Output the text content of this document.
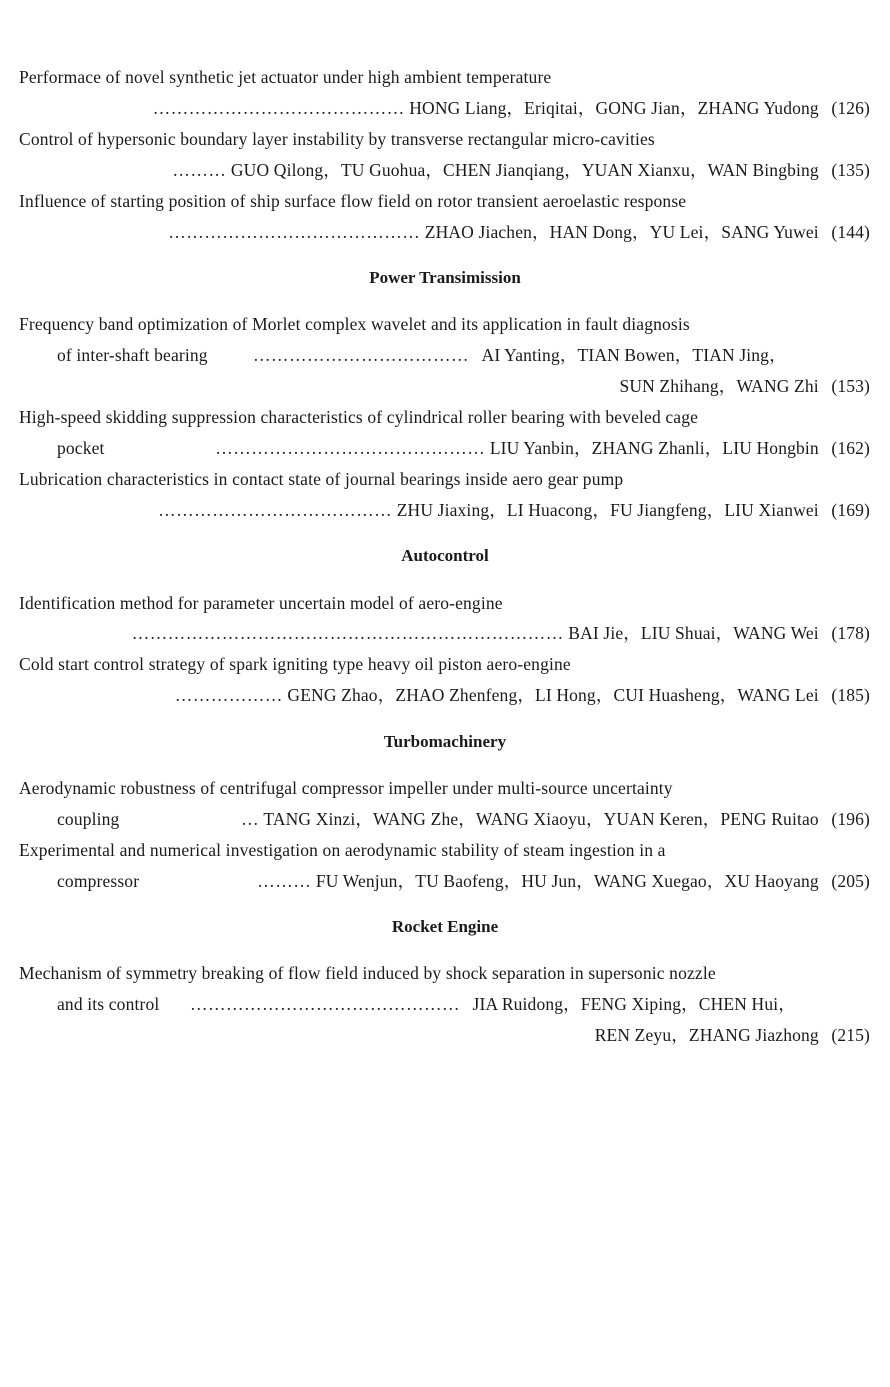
Performace of novel synthetic jet actuator under high ambient temperature
…………………………………… HONG Liang，Eriqitai，GONG Jian，ZHANG Yudong (126)
Control of hypersonic boundary layer instability by transverse rectangular micro-cavities
……… GUO Qilong，TU Guohua，CHEN Jianqiang，YUAN Xianxu，WAN Bingbing (135)
Influence of starting position of ship surface flow field on rotor transient aeroelastic response
…………………………………… ZHAO Jiachen，HAN Dong，YU Lei，SANG Yuwei (144)
Power Transimission
Frequency band optimization of Morlet complex wavelet and its application in fault diagnosis
of inter-shaft bearing	……………………………… AI Yanting，TIAN Bowen，TIAN Jing，
SUN Zhihang，WANG Zhi (153)
High-speed skidding suppression characteristics of cylindrical roller bearing with beveled cage
pocket	……………………………………… LIU Yanbin，ZHANG Zhanli，LIU Hongbin (162)
Lubrication characteristics in contact state of journal bearings inside aero gear pump
………………………………… ZHU Jiaxing，LI Huacong，FU Jiangfeng，LIU Xianwei (169)
Autocontrol
Identification method for parameter uncertain model of aero-engine
……………………………………………………………… BAI Jie，LIU Shuai，WANG Wei (178)
Cold start control strategy of spark igniting type heavy oil piston aero-engine
……………… GENG Zhao，ZHAO Zhenfeng，LI Hong，CUI Huasheng，WANG Lei (185)
Turbomachinery
Aerodynamic robustness of centrifugal compressor impeller under multi-source uncertainty
coupling	… TANG Xinzi，WANG Zhe，WANG Xiaoyu，YUAN Keren，PENG Ruitao (196)
Experimental and numerical investigation on aerodynamic stability of steam ingestion in a
compressor	……… FU Wenjun，TU Baofeng，HU Jun，WANG Xuegao，XU Haoyang (205)
Rocket Engine
Mechanism of symmetry breaking of flow field induced by shock separation in supersonic nozzle
and its control ……………………………………… JIA Ruidong，FENG Xiping，CHEN Hui，
REN Zeyu，ZHANG Jiazhong (215)
